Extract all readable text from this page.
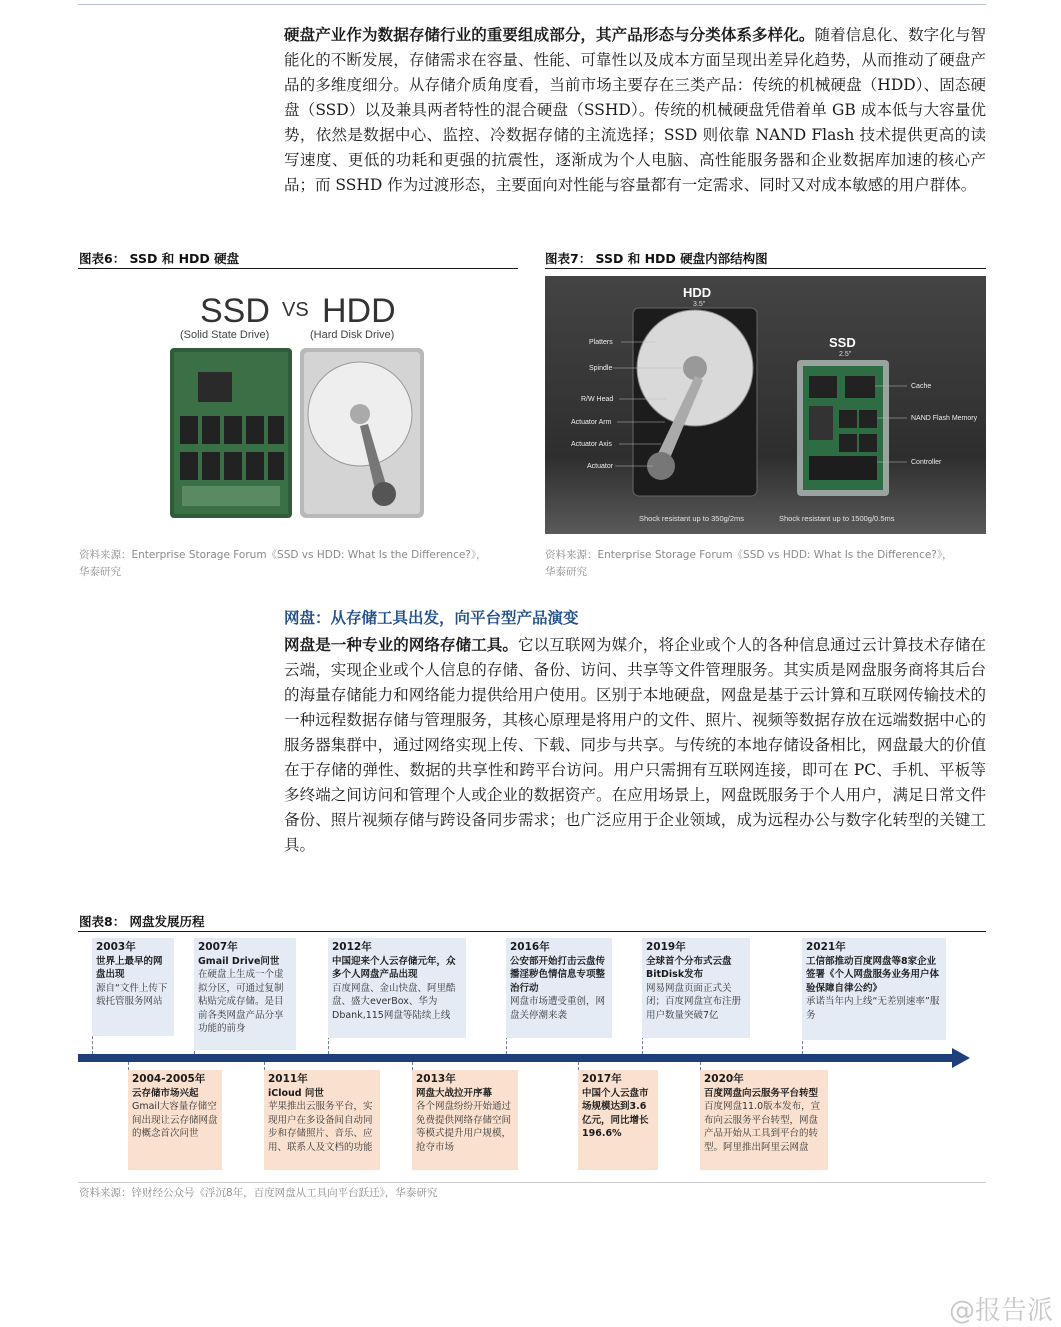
硬盘产业作为数据存储行业的重要组成部分，其产品形态与分类体系多样化。随着信息化、数字化与智能化的不断发展，存储需求在容量、性能、可靠性以及成本方面呈现出差异化趋势，从而推动了硬盘产品的多维度细分。从存储介质角度看，当前市场主要存在三类产品：传统的机械硬盘（HDD）、固态硬盘（SSD）以及兼具两者特性的混合硬盘（SSHD）。传统的机械硬盘凭借着单 GB 成本低与大容量优势，依然是数据中心、监控、冷数据存储的主流选择；SSD 则依靠 NAND Flash 技术提供更高的读写速度、更低的功耗和更强的抗震性，逐渐成为个人电脑、高性能服务器和企业数据库加速的核心产品；而 SSHD 作为过渡形态，主要面向对性能与容量都有一定需求、同时又对成本敏感的用户群体。
图表6： SSD 和 HDD 硬盘
SSD VS HDD
(Solid State Drive)	(Hard Disk Drive)
资料来源：Enterprise Storage Forum《SSD vs HDD: What Is the Difference?》，
华泰研究
图表7： SSD 和 HDD 硬盘内部结构图
HDD
3.5"
SSD
2.5"
Platters
Spindle
R/W Head
Actuator Arm
Actuator Axis
Actuator
Cache
NAND Flash Memory
Controller
Shock resistant up to 350g/2ms	Shock resistant up to 1500g/0.5ms
资料来源：Enterprise Storage Forum《SSD vs HDD: What Is the Difference?》，
华泰研究
网盘：从存储工具出发，向平台型产品演变
网盘是一种专业的网络存储工具。它以互联网为媒介，将企业或个人的各种信息通过云计算技术存储在云端，实现企业或个人信息的存储、备份、访问、共享等文件管理服务。其实质是网盘服务商将其后台的海量存储能力和网络能力提供给用户使用。区别于本地硬盘，网盘是基于云计算和互联网传输技术的一种远程数据存储与管理服务，其核心原理是将用户的文件、照片、视频等数据存放在远端数据中心的服务器集群中，通过网络实现上传、下载、同步与共享。与传统的本地存储设备相比，网盘最大的价值在于存储的弹性、数据的共享性和跨平台访问。用户只需拥有互联网连接，即可在 PC、手机、平板等多终端之间访问和管理个人或企业的数据资产。在应用场景上，网盘既服务于个人用户，满足日常文件备份、照片视频存储与跨设备同步需求；也广泛应用于企业领域，成为远程办公与数字化转型的关键工具。
图表8： 网盘发展历程
2003年
世界上最早的网盘出现
源自“文件上传下载托管服务网站
2007年
Gmail Drive问世
在硬盘上生成一个虚拟分区，可通过复制粘贴完成存储。是目前各类网盘产品分享功能的前身
2012年
中国迎来个人云存储元年，众多个人网盘产品出现
百度网盘、金山快盘、阿里酷盘、盛大everBox、华为Dbank,115网盘等陆续上线
2016年
公安部开始打击云盘传播淫秽色情信息专项整治行动
网盘市场遭受重创，网盘关停潮来袭
2019年
全球首个分布式云盘BitDisk发布
网易网盘页面正式关闭；百度网盘宣布注册用户数量突破7亿
2021年
工信部推动百度网盘等8家企业签署《个人网盘服务业务用户体验保障自律公约》
承诺当年内上线“无差别速率”服务
2004-2005年
云存储市场兴起
Gmail大容量存储空间出现让云存储网盘的概念首次问世
2011年
iCloud 问世
苹果推出云服务平台，实现用户在多设备间自动同步和存储照片、音乐、应用、联系人及文档的功能
2013年
网盘大战拉开序幕
各个网盘纷纷开始通过免费提供网络存储空间等模式提升用户规模，抢夺市场
2017年
中国个人云盘市场规模达到3.6亿元，同比增长196.6%
2020年
百度网盘向云服务平台转型
百度网盘11.0版本发布，宣布向云服务平台转型，网盘产品开始从工具到平台的转型。阿里推出阿里云网盘
资料来源：锌财经公众号《浮沉8年，百度网盘从工具向平台跃迁》，华泰研究
@报告派
